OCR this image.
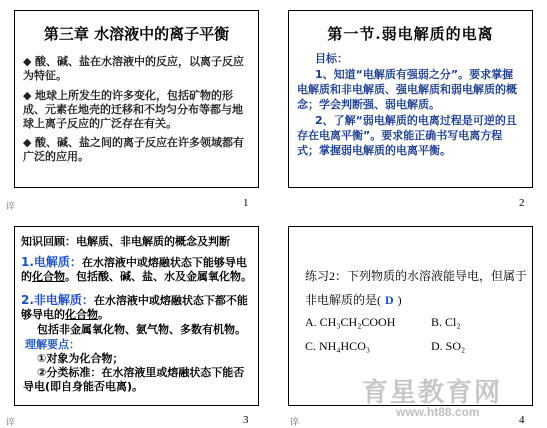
第三章 水溶液中的离子平衡
◆ 酸、碱、盐在水溶液中的反应，以离子反应为特征。
◆ 地球上所发生的许多变化，包括矿物的形成、元素在地壳的迁移和不均匀分布等都与地球上离子反应的广泛存在有关。
◆ 酸、碱、盐之间的离子反应在许多领域都有广泛的应用。
谇	1
第一节.弱电解质的电离
目标：
1、知道“电解质有强弱之分”。要求掌握电解质和非电解质、强电解质和弱电解质的概念；学会判断强、弱电解质。
2、了解“弱电解质的电离过程是可逆的且存在电离平衡”。要求能正确书写电离方程式；掌握弱电解质的电离平衡。
2
知识回顾：电解质、非电解质的概念及判断
1.电解质：在水溶液中或熔融状态下能够导电的化合物。包括酸、碱、盐、水及金属氧化物。
2.非电解质：在水溶液中或熔融状态下都不能够导电的化合物。
包括非金属氧化物、氨气物、多数有机物。
理解要点：
①对象为化合物；
②分类标准：在水溶液里或熔融状态下能否导电(即自身能否电离)。
谇	3
练习2：下列物质的水溶液能导电，但属于
非电解质的是( D )
A. CH₃CH₂COOH	B. Cl₂
C. NH₄HCO₃	D. SO₂
谇	4
育星教育网
www.ht88.com
